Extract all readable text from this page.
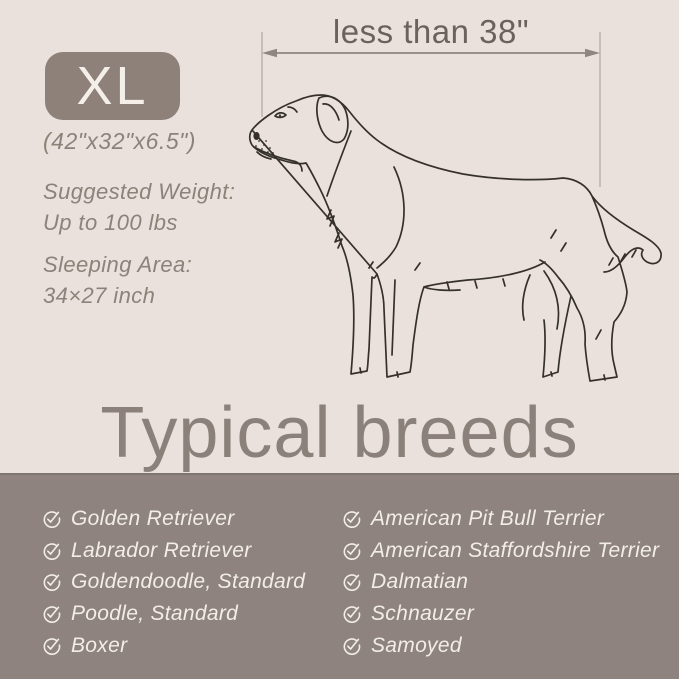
XL
(42"x32"x6.5")
Suggested Weight:
Up to 100 lbs
Sleeping Area:
34×27 inch
less than 38"
Typical breeds
Golden Retriever
Labrador Retriever
Goldendoodle, Standard
Poodle, Standard
Boxer
American Pit Bull Terrier
American Staffordshire Terrier
Dalmatian
Schnauzer
Samoyed
